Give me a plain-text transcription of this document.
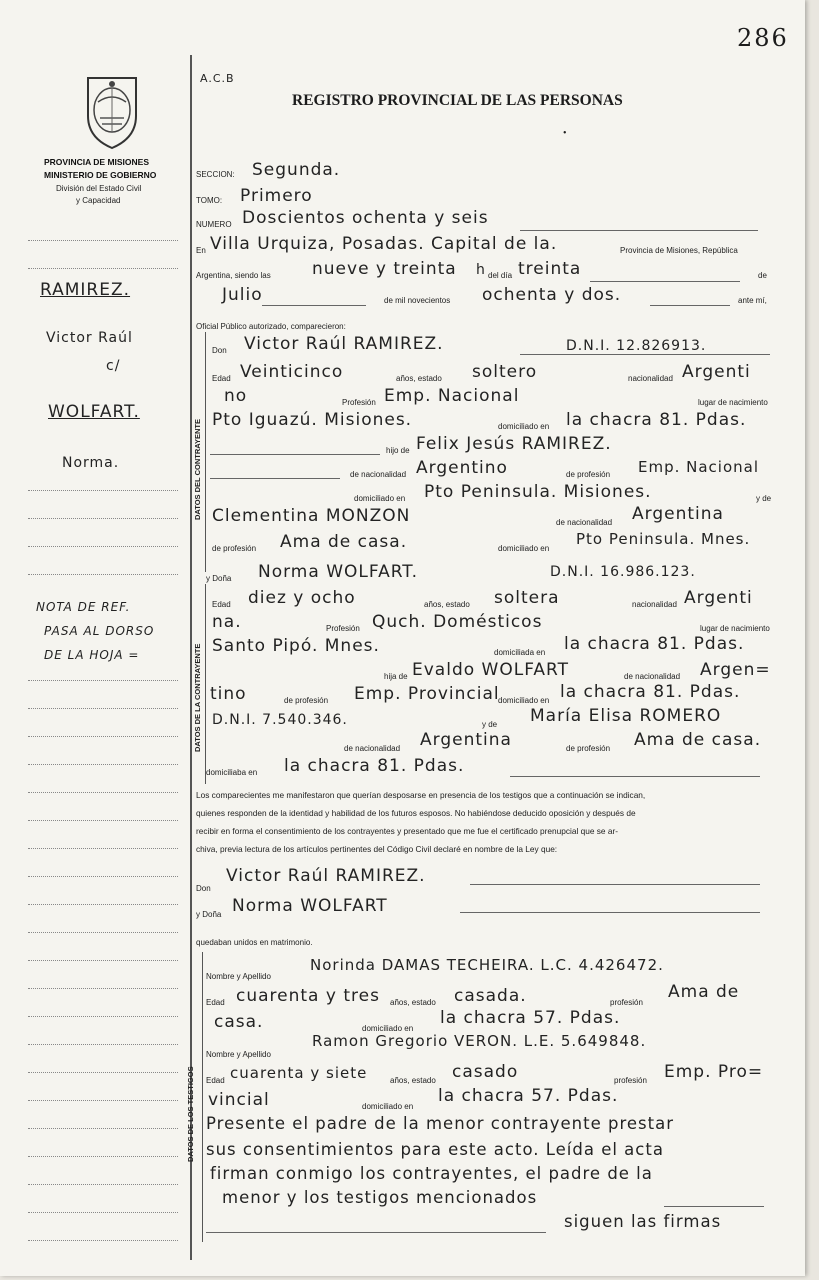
286
A.C.B
REGISTRO PROVINCIAL DE LAS PERSONAS
•
PROVINCIA DE MISIONES
MINISTERIO DE GOBIERNO
División del Estado Civil
y Capacidad
RAMIREZ.
Victor Raúl
c/
WOLFART.
Norma.
NOTA DE REF.
PASA AL DORSO
DE LA HOJA =
SECCION: Segunda.
TOMO: Primero
NUMERO Doscientos ochenta y seis
En Villa Urquiza, Posadas. Capital de la.	Provincia de Misiones, República
Argentina, siendo las nueve y treinta h del día treinta	de
Julio	de mil novecientos ochenta y dos.	ante mí,
Oficial Público autorizado, comparecieron:
DATOS DEL CONTRAYENTE
Don Victor Raúl RAMIREZ.	D.N.I. 12.826913.
Edad Veinticinco	años, estado soltero	nacionalidad Argenti
no	Profesión Emp. Nacional	lugar de nacimiento
Pto Iguazú. Misiones.	domiciliado en la chacra 81. Pdas.
hijo de Felix Jesús RAMIREZ.
de nacionalidad Argentino	de profesión Emp. Nacional
domiciliado en Pto Peninsula. Misiones.	y de
Clementina MONZON	de nacionalidad Argentina
de profesión Ama de casa.	domiciliado en
Pto Peninsula. Mnes.
DATOS DE LA CONTRAYENTE
y Doña Norma WOLFART.	D.N.I. 16.986.123.
Edad diez y ocho	años, estado soltera	nacionalidad Argenti
na.	Profesión Quch. Domésticos	lugar de nacimiento
Santo Pipó. Mnes.	domiciliada en la chacra 81. Pdas.
hija de Evaldo WOLFART	de nacionalidad Argen=
tino	de profesión Emp. Provincial
domiciliado en la chacra 81. Pdas.
D.N.I. 7.540.346.	y de María Elisa ROMERO
de nacionalidad Argentina	de profesión Ama de casa.
domiciliaba en la chacra 81. Pdas.
Los comparecientes me manifestaron que querían desposarse en presencia de los testigos que a continuación se indican,
quienes responden de la identidad y habilidad de los futuros esposos. No habiéndose deducido oposición y después de
recibir en forma el consentimiento de los contrayentes y presentado que me fue el certificado prenupcial que se ar-
chiva, previa lectura de los artículos pertinentes del Código Civil declaré en nombre de la Ley que:
Don
Victor Raúl RAMIREZ.
y Doña Norma WOLFART
quedaban unidos en matrimonio.
DATOS DE LOS TESTIGOS
Nombre y Apellido
Norinda DAMAS TECHEIRA. L.C. 4.426472.
Edad cuarenta y tres años, estado casada.	profesión
Ama de
casa.	domiciliado en
la chacra 57. Pdas.
Nombre y Apellido
Ramon Gregorio VERON. L.E. 5.649848.
Edad cuarenta y siete	años, estado casado	profesión Emp. Pro=
vincial	domiciliado en
la chacra 57. Pdas.
Presente el padre de la menor contrayente prestar
sus consentimientos para este acto. Leída el acta
firman conmigo los contrayentes, el padre de la
menor y los testigos mencionados
siguen las firmas
